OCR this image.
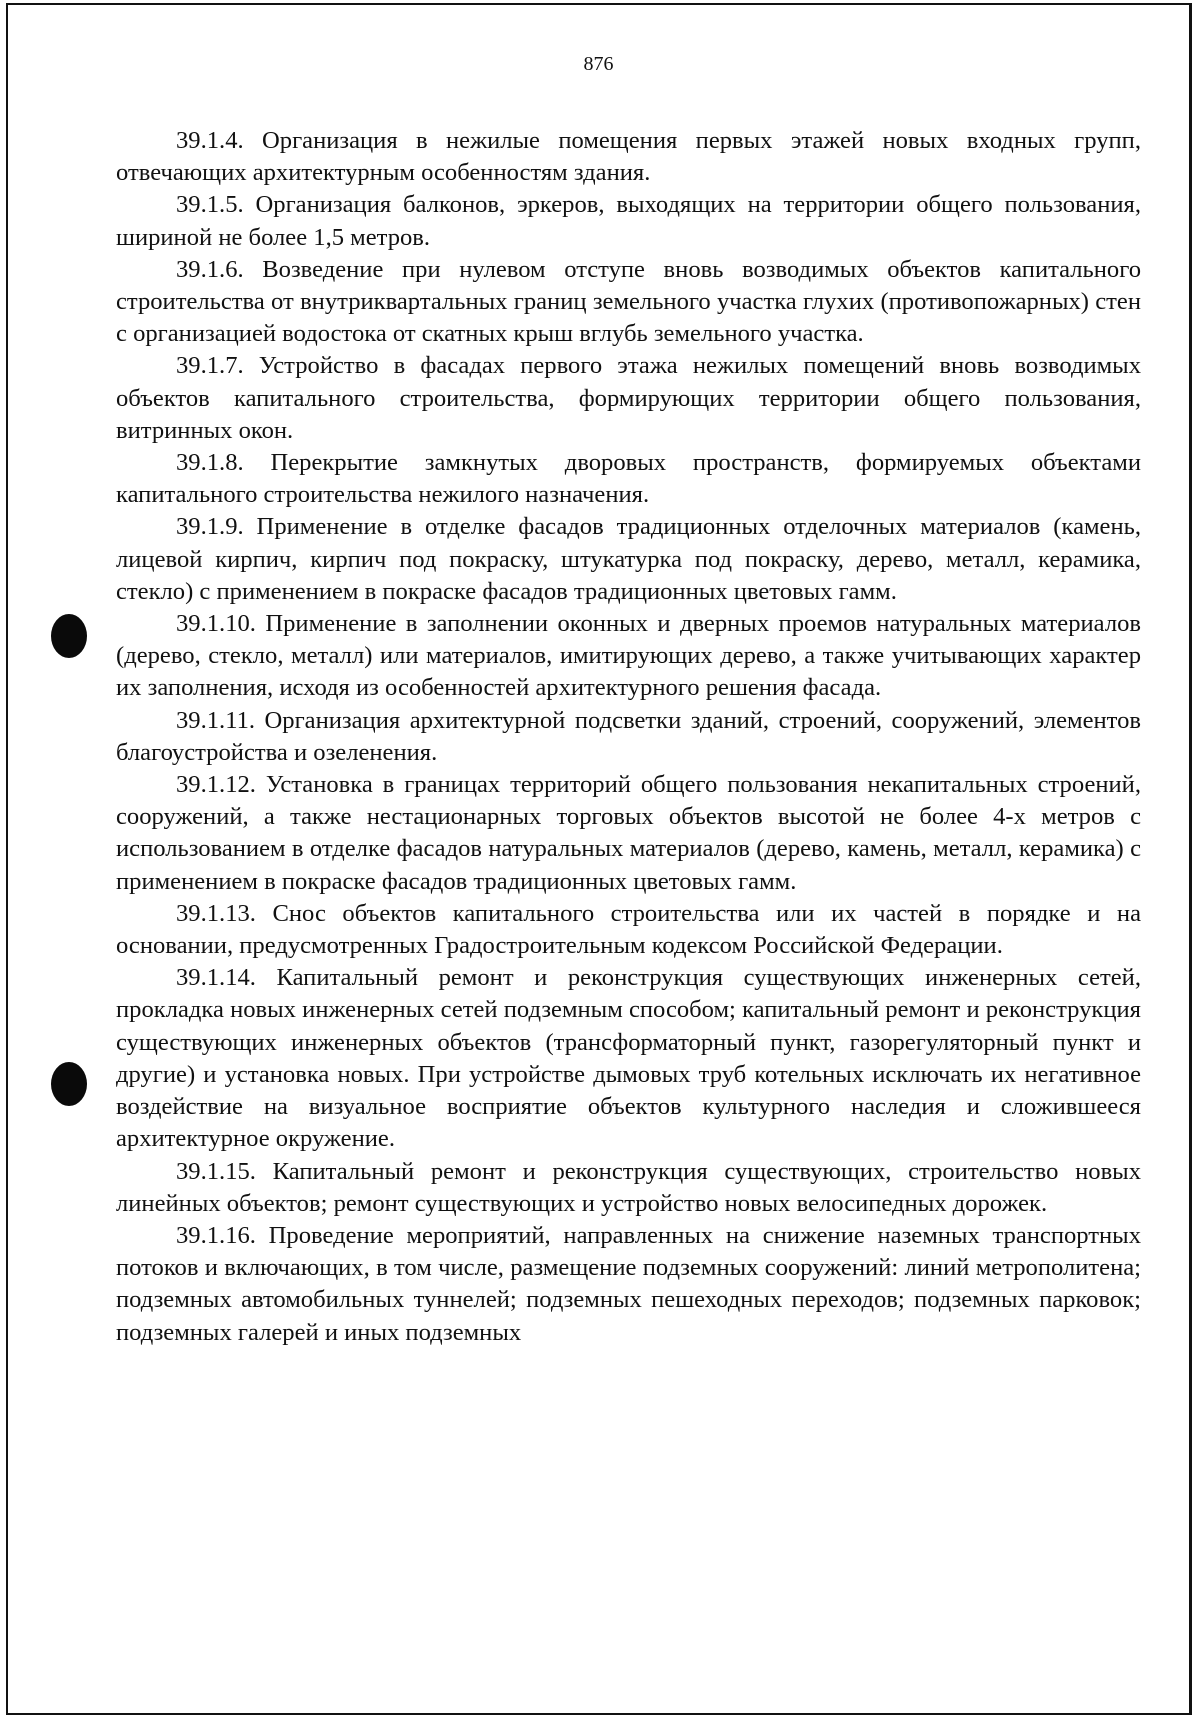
876

39.1.4. Организация в нежилые помещения первых этажей новых входных групп, отвечающих архитектурным особенностям здания.

39.1.5. Организация балконов, эркеров, выходящих на территории общего пользования, шириной не более 1,5 метров.

39.1.6. Возведение при нулевом отступе вновь возводимых объектов капитального строительства от внутриквартальных границ земельного участка глухих (противопожарных) стен с организацией водостока от скатных крыш вглубь земельного участка.

39.1.7. Устройство в фасадах первого этажа нежилых помещений вновь возводимых объектов капитального строительства, формирующих территории общего пользования, витринных окон.

39.1.8. Перекрытие замкнутых дворовых пространств, формируемых объектами капитального строительства нежилого назначения.

39.1.9. Применение в отделке фасадов традиционных отделочных материалов (камень, лицевой кирпич, кирпич под покраску, штукатурка под покраску, дерево, металл, керамика, стекло) с применением в покраске фасадов традиционных цветовых гамм.

39.1.10. Применение в заполнении оконных и дверных проемов натуральных материалов (дерево, стекло, металл) или материалов, имитирующих дерево, а также учитывающих характер их заполнения, исходя из особенностей архитектурного решения фасада.

39.1.11. Организация архитектурной подсветки зданий, строений, сооружений, элементов благоустройства и озеленения.

39.1.12. Установка в границах территорий общего пользования некапитальных строений, сооружений, а также нестационарных торговых объектов высотой не более 4-х метров с использованием в отделке фасадов натуральных материалов (дерево, камень, металл, керамика) с применением в покраске фасадов традиционных цветовых гамм.

39.1.13. Снос объектов капитального строительства или их частей в порядке и на основании, предусмотренных Градостроительным кодексом Российской Федерации.

39.1.14. Капитальный ремонт и реконструкция существующих инженерных сетей, прокладка новых инженерных сетей подземным способом; капитальный ремонт и реконструкция существующих инженерных объектов (трансформаторный пункт, газорегуляторный пункт и другие) и установка новых. При устройстве дымовых труб котельных исключать их негативное воздействие на визуальное восприятие объектов культурного наследия и сложившееся архитектурное окружение.

39.1.15. Капитальный ремонт и реконструкция существующих, строительство новых линейных объектов; ремонт существующих и устройство новых велосипедных дорожек.

39.1.16. Проведение мероприятий, направленных на снижение наземных транспортных потоков и включающих, в том числе, размещение подземных сооружений: линий метрополитена; подземных автомобильных туннелей; подземных пешеходных переходов; подземных парковок; подземных галерей и иных подземных
